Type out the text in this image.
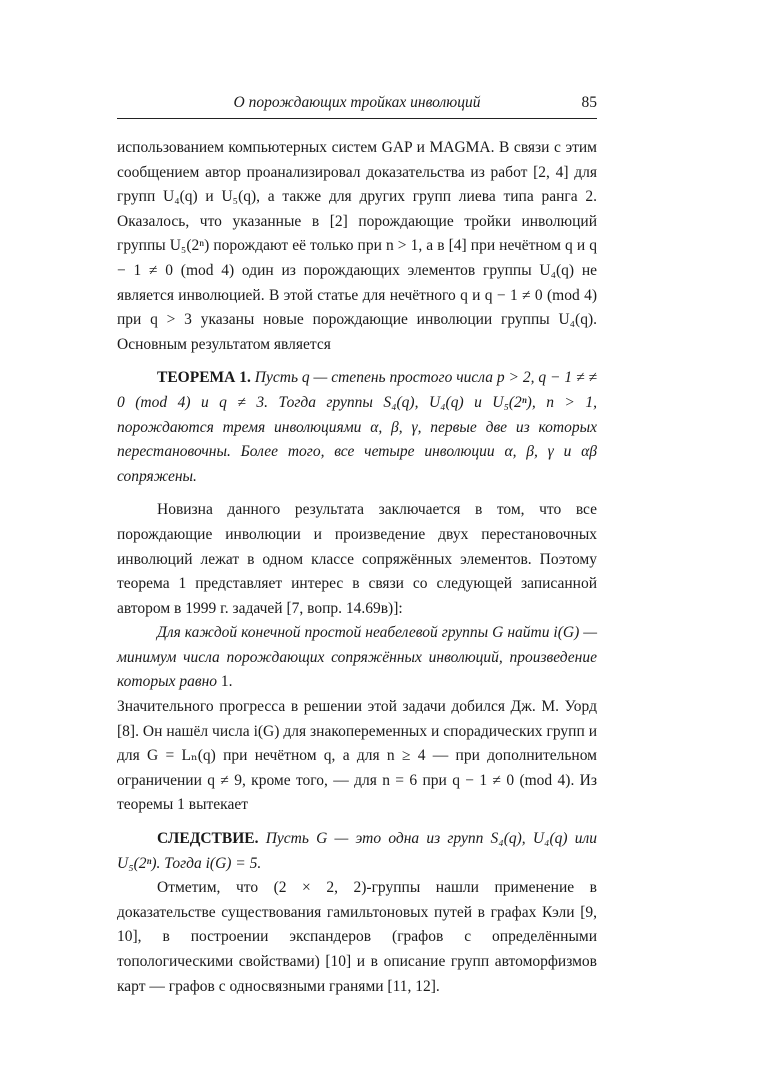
О порождающих тройках инволюций	85

использованием компьютерных систем GAP и MAGMA. В связи с этим сообщением автор проанализировал доказательства из работ [2, 4] для групп U₄(q) и U₅(q), а также для других групп лиева типа ранга 2. Оказалось, что указанные в [2] порождающие тройки инволюций группы U₅(2ⁿ) порождают её только при n > 1, а в [4] при нечётном q и q − 1 ≠ 0 (mod 4) один из порождающих элементов группы U₄(q) не является инволюцией. В этой статье для нечётного q и q − 1 ≠ 0 (mod 4) при q > 3 указаны новые порождающие инволюции группы U₄(q). Основным результатом является

ТЕОРЕМА 1. Пусть q — степень простого числа p > 2, q − 1 ≠ ≠ 0 (mod 4) и q ≠ 3. Тогда группы S₄(q), U₄(q) и U₅(2ⁿ), n > 1, порождаются тремя инволюциями α, β, γ, первые две из которых перестановочны. Более того, все четыре инволюции α, β, γ и αβ сопряжены.

Новизна данного результата заключается в том, что все порождающие инволюции и произведение двух перестановочных инволюций лежат в одном классе сопряжённых элементов. Поэтому теорема 1 представляет интерес в связи со следующей записанной автором в 1999 г. задачей [7, вопр. 14.69в)]:

Для каждой конечной простой неабелевой группы G найти i(G) — минимум числа порождающих сопряжённых инволюций, произведение которых равно 1.

Значительного прогресса в решении этой задачи добился Дж. М. Уорд [8]. Он нашёл числа i(G) для знакопеременных и спорадических групп и для G = Lₙ(q) при нечётном q, а для n ≥ 4 — при дополнительном ограничении q ≠ 9, кроме того, — для n = 6 при q − 1 ≠ 0 (mod 4). Из теоремы 1 вытекает

СЛЕДСТВИЕ. Пусть G — это одна из групп S₄(q), U₄(q) или U₅(2ⁿ). Тогда i(G) = 5.

Отметим, что (2 × 2, 2)-группы нашли применение в доказательстве существования гамильтоновых путей в графах Кэли [9, 10], в построении экспандеров (графов с определёнными топологическими свойствами) [10] и в описание групп автоморфизмов карт — графов с односвязными гранями [11, 12].
